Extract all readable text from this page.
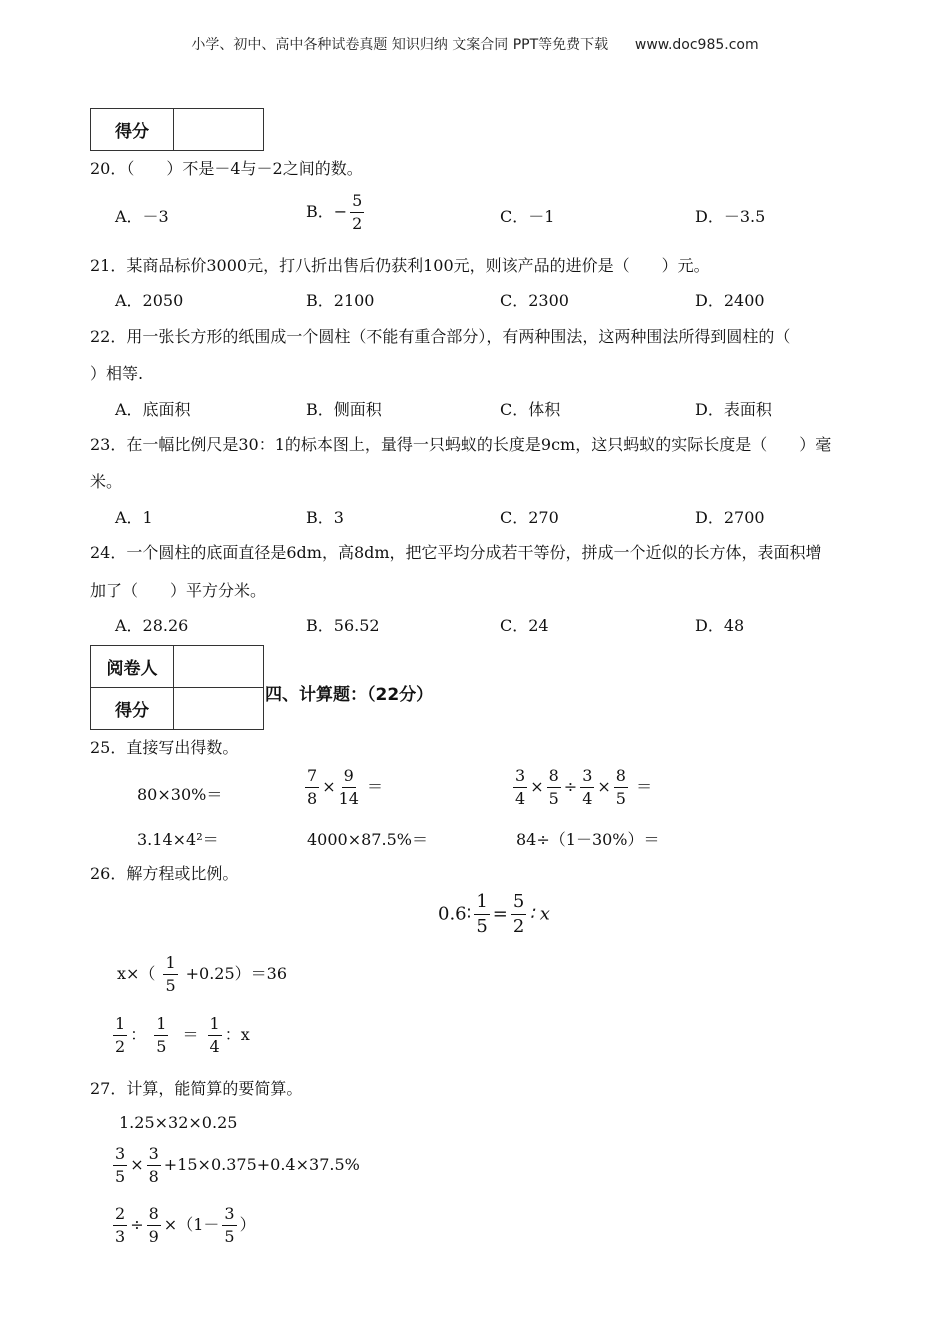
小学、初中、高中各种试卷真题 知识归纳 文案合同 PPT等免费下载 www.doc985.com
得分	
20．（　　）不是－4与－2之间的数。
A．－3	B．− $\frac{5}{2}$	C．－1	D．－3.5
21．某商品标价3000元，打八折出售后仍获利100元，则该产品的进价是（　　）元。
A．2050	B．2100	C．2300	D．2400
22．用一张长方形的纸围成一个圆柱（不能有重合部分），有两种围法，这两种围法所得到圆柱的（
）相等.
A．底面积	B．侧面积	C．体积	D．表面积
23．在一幅比例尺是30：1的标本图上，量得一只蚂蚁的长度是9cm，这只蚂蚁的实际长度是（　　）毫
米。
A．1	B．3	C．270	D．2700
24．一个圆柱的底面直径是6dm，高8dm，把它平均分成若干等份，拼成一个近似的长方体，表面积增
加了（　　）平方分米。
A．28.26	B．56.52	C．24	D．48
阅卷人	
得分	
四、计算题：（22分）
25．直接写出得数。
80×30%＝	$\frac{7}{8} \times \frac{9}{14}$ ＝	$\frac{3}{4} \times \frac{8}{5} \div \frac{3}{4} \times \frac{8}{5}$ ＝
3.14×4²＝	4000×87.5%＝	84÷（1－30%）＝
26．解方程或比例。
0.6∶ $\frac{1}{5} = \frac{5}{2}$ ∶ x
$x\times( \frac{1}{5} +0.25)=36$
$\frac{1}{2}$ ： $\frac{1}{5} = \frac{1}{4}$ ：x
27．计算，能简算的要简算。
1.25×32×0.25
$\frac{3}{5} \times \frac{3}{8} +15\times 0.375+0.4\times 37.5\%$
$\frac{2}{3} \div \frac{8}{9} \times(1- \frac{3}{5}$ ）
